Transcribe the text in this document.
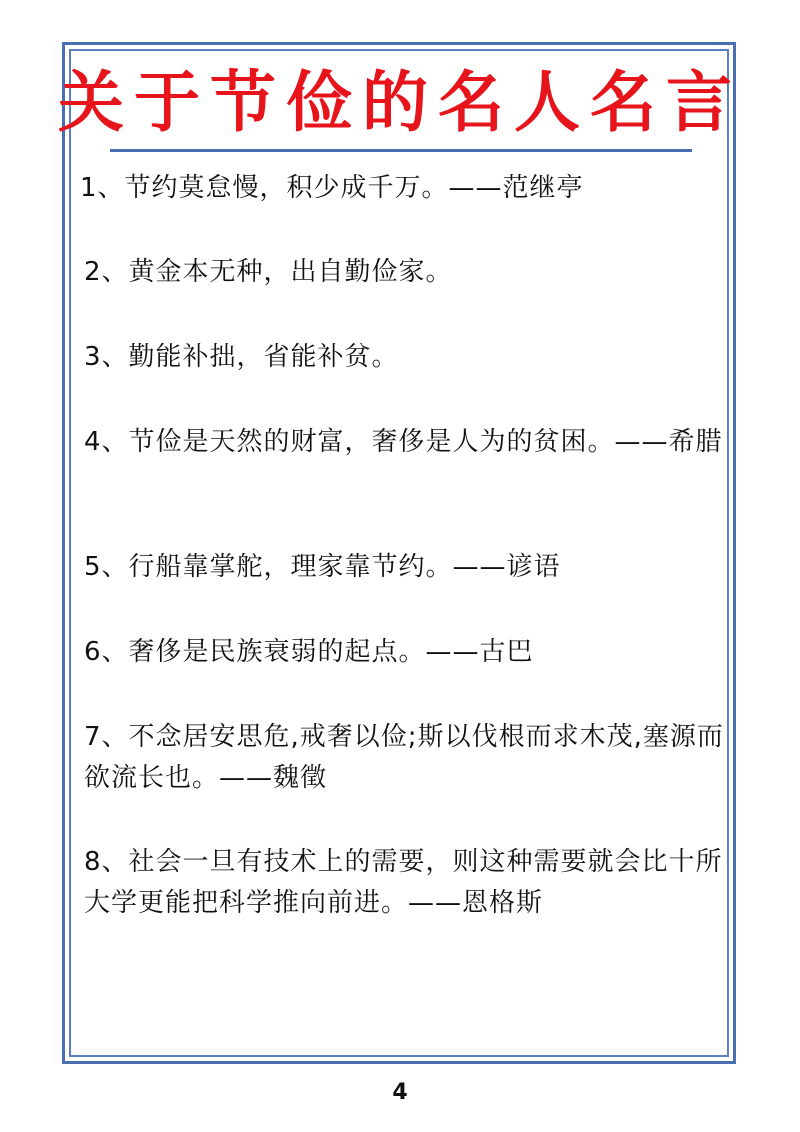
关于节俭的名人名言
1、节约莫怠慢，积少成千万。——范继亭
2、黄金本无种，出自勤俭家。
3、勤能补拙，省能补贫。
4、节俭是天然的财富，奢侈是人为的贫困。——希腊
5、行船靠掌舵，理家靠节约。——谚语
6、奢侈是民族衰弱的起点。——古巴
7、不念居安思危,戒奢以俭;斯以伐根而求木茂,塞源而欲流长也。——魏徵
8、社会一旦有技术上的需要，则这种需要就会比十所大学更能把科学推向前进。——恩格斯
4
